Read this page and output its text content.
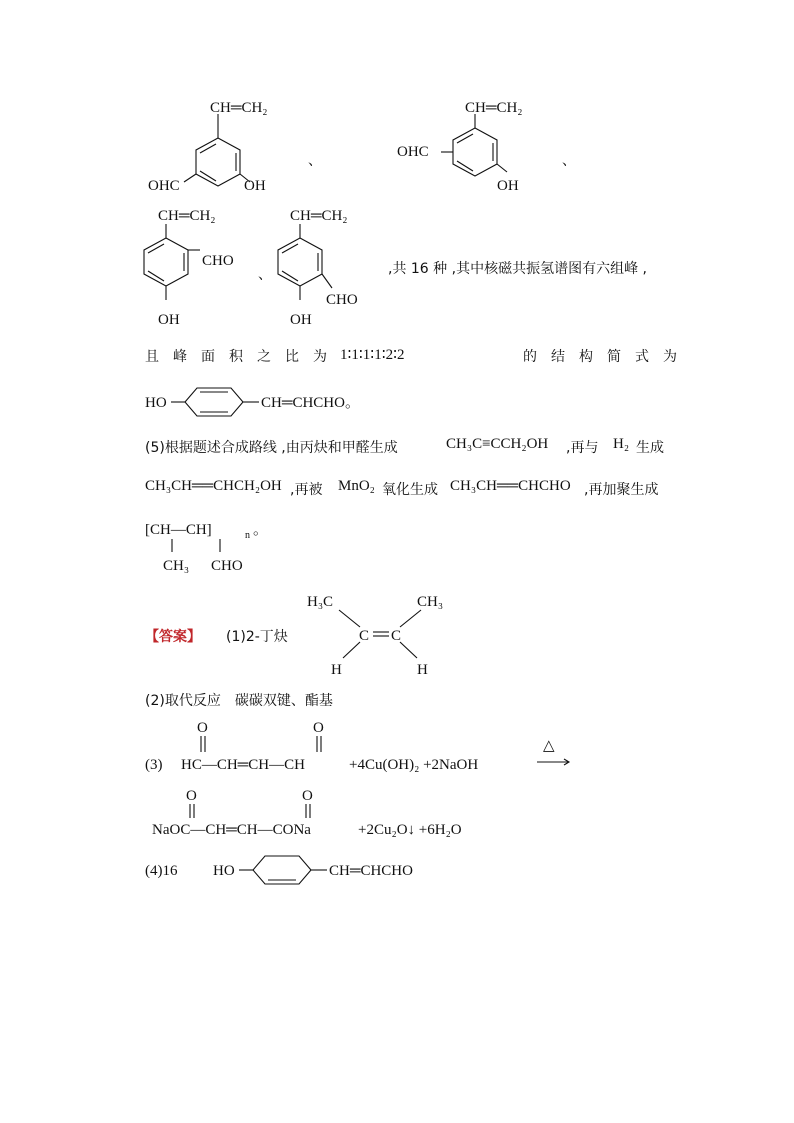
CH═CH₂
OHC	OH
、
CH═CH₂
OHC
OH
、
CH═CH₂
CHO
OH
、
CH═CH₂
CHO
OH
,共 16 种 ,其中核磁共振氢谱图有六组峰 ,
且峰面积之比为 1∶1∶1∶1∶2∶2	的结构简式为
HO	CH═CHCHO。
(5)根据题述合成路线 ,由丙炔和甲醛生成	CH₃C≡CCH₂OH ,再与 H₂ 生成
CH₃CH══CHCH₂OH ,再被 MnO₂ 氧化生成 CH₃CH══CHCHO ,再加聚生成
[CH—CH]	n 。
CH₃ CHO
【答案】 (1)2-丁炔
H₃C	CH₃
C C
H	H
(2)取代反应　碳碳双键、酯基
(3)
O	O
HC—CH═CH—CH	+4Cu(OH)₂ +2NaOH
△
O	O
NaOC—CH═CH—CONa	+2Cu₂O↓ +6H₂O
(4)16 HO	CH═CHCHO
